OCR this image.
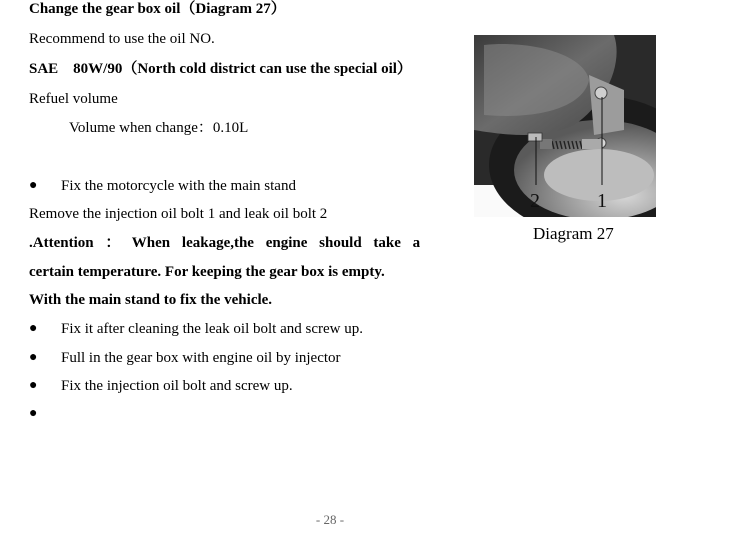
Change the gear box oil（Diagram 27）
Recommend to use the oil NO.
SAE　80W/90（North cold district can use the special oil）
Refuel volume
Volume when change：0.10L
● Fix the motorcycle with the main stand
Remove the injection oil bolt 1 and leak oil bolt 2
.Attention ： When leakage,the engine should take a
certain temperature. For keeping the gear box is empty.
With the main stand to fix the vehicle.
● Fix it after cleaning the leak oil bolt and screw up.
● Full in the gear box with engine oil by injector
● Fix the injection oil bolt and screw up.
●
2	1
Diagram 27
- 28 -
